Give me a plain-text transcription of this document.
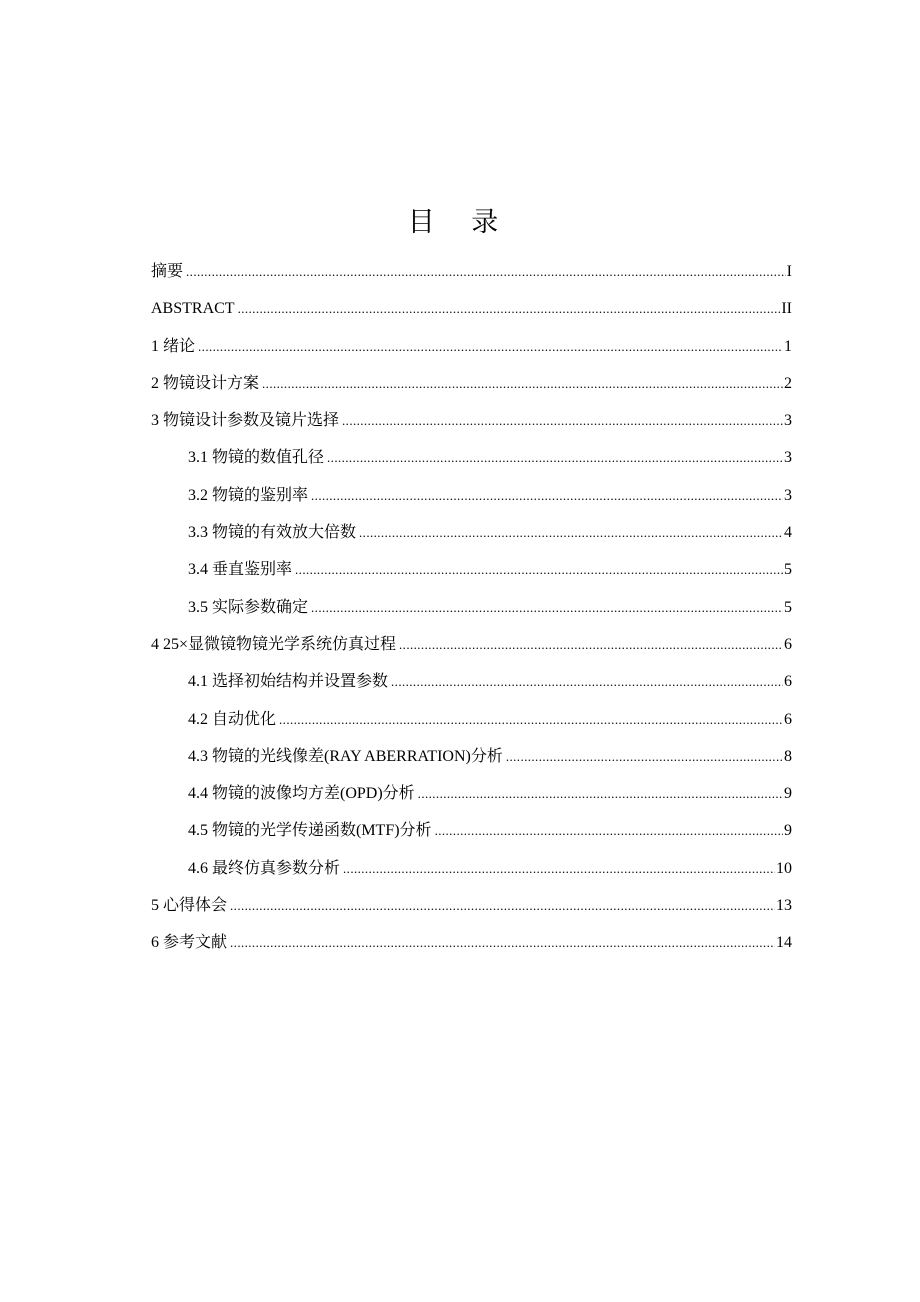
目 录
摘要 .....	I
ABSTRACT .....	II
1 绪论 .....	1
2 物镜设计方案 .....	2
3 物镜设计参数及镜片选择 .....	3
3.1 物镜的数值孔径 .....	3
3.2 物镜的鉴别率 .....	3
3.3 物镜的有效放大倍数 .....	4
3.4 垂直鉴别率 .....	5
3.5 实际参数确定 .....	5
4 25×显微镜物镜光学系统仿真过程 .....	6
4.1 选择初始结构并设置参数 .....	6
4.2 自动优化 .....	6
4.3 物镜的光线像差(RAY ABERRATION)分析 .....	8
4.4 物镜的波像均方差(OPD)分析 .....	9
4.5 物镜的光学传递函数(MTF)分析 .....	9
4.6 最终仿真参数分析 .....	10
5 心得体会 .....	13
6 参考文献 .....	14
